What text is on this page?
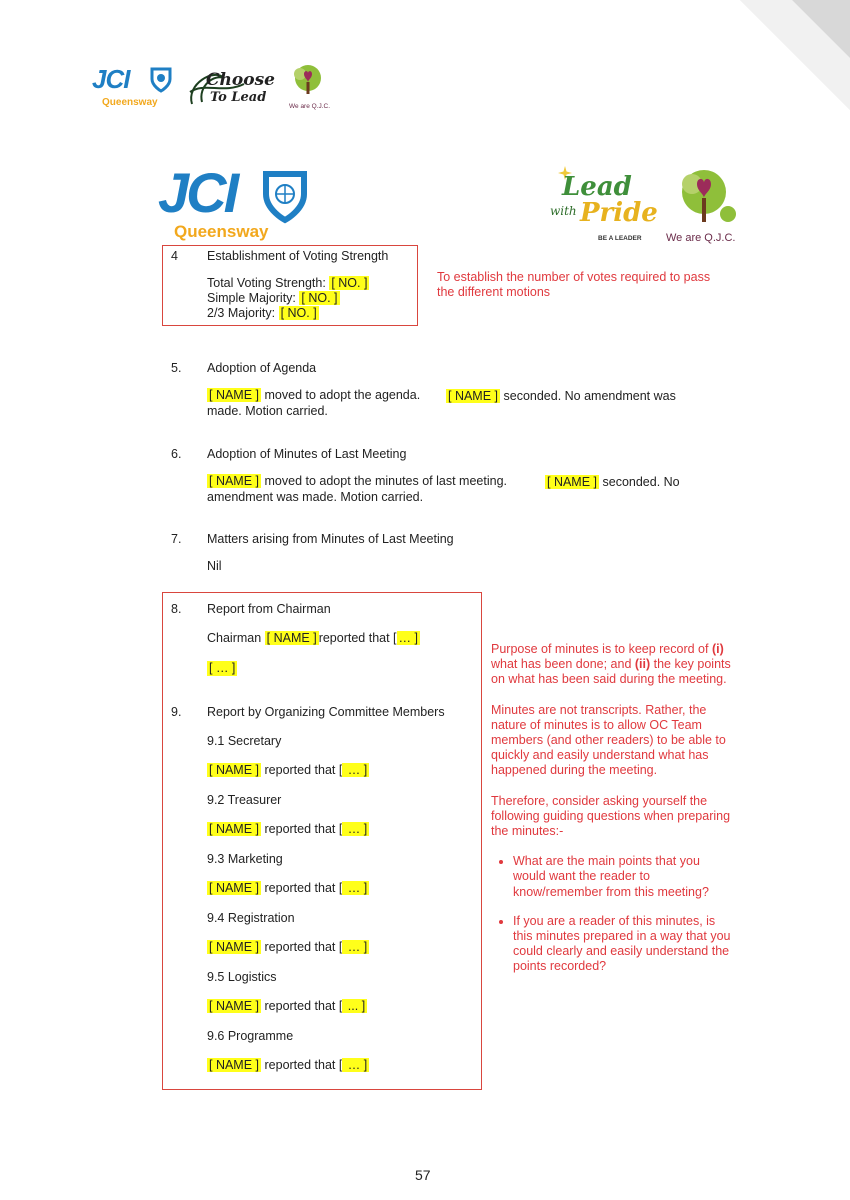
JCI
Queensway
Choose
To Lead
We are Q.J.C.
JCI
Queensway
Lead
with Pride
BE A LEADER We are Q.J.C.
4 Establishment of Voting Strength
Total Voting Strength: [ NO. ]
Simple Majority: [ NO. ]
2/3 Majority: [ NO. ]
To establish the number of votes required to pass the different motions
5. Adoption of Agenda
[ NAME ] moved to adopt the agenda. [ NAME ] seconded. No amendment was
made. Motion carried.
6. Adoption of Minutes of Last Meeting
[ NAME ] moved to adopt the minutes of last meeting.	[ NAME ] seconded. No
amendment was made. Motion carried.
7. Matters arising from Minutes of Last Meeting
Nil
8. Report from Chairman
Chairman [ NAME ] reported that [ … ]
[ … ]
9. Report by Organizing Committee Members
9.1 Secretary
[ NAME ] reported that [ … ]
9.2 Treasurer
[ NAME ] reported that [ … ]
9.3 Marketing
[ NAME ] reported that [ … ]
9.4 Registration
[ NAME ] reported that [ … ]
9.5 Logistics
[ NAME ] reported that [ ... ]
9.6 Programme
[ NAME ] reported that [ … ]
Purpose of minutes is to keep record of (i) what has been done; and (ii) the key points on what has been said during the meeting.
Minutes are not transcripts. Rather, the nature of minutes is to allow OC Team members (and other readers) to be able to quickly and easily understand what has happened during the meeting.
Therefore, consider asking yourself the following guiding questions when preparing the minutes:-
• What are the main points that you would want the reader to know/remember from this meeting?
• If you are a reader of this minutes, is this minutes prepared in a way that you could clearly and easily understand the points recorded?
57
